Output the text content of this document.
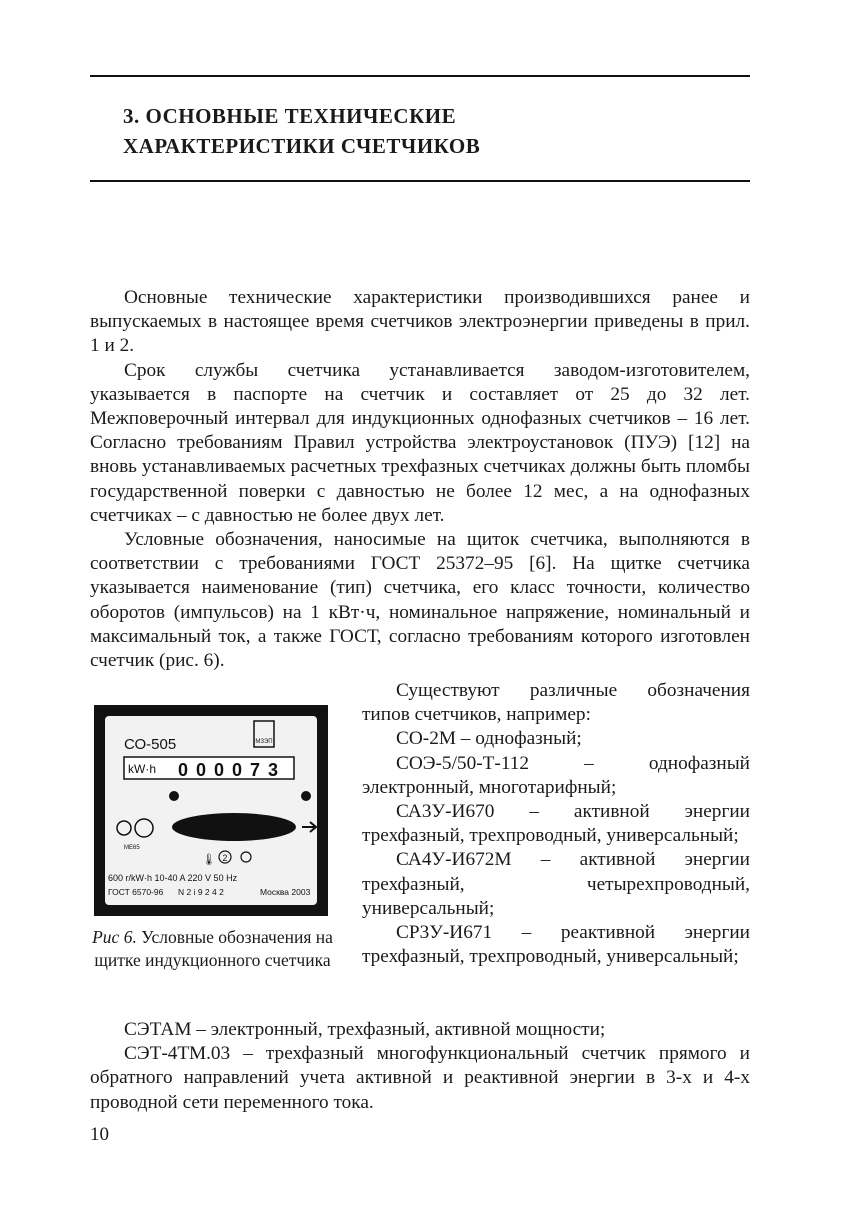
3. ОСНОВНЫЕ ТЕХНИЧЕСКИЕ
ХАРАКТЕРИСТИКИ СЧЕТЧИКОВ

Основные технические характеристики производившихся ранее и выпускаемых в настоящее время счетчиков электроэнергии приведены в прил. 1 и 2.

Срок службы счетчика устанавливается заводом-изготовителем, указывается в паспорте на счетчик и составляет от 25 до 32 лет. Межповерочный интервал для индукционных однофазных счетчиков – 16 лет. Согласно требованиям Правил устройства электроустановок (ПУЭ) [12] на вновь устанавливаемых расчетных трехфазных счетчиках должны быть пломбы государственной поверки с давностью не более 12 мес, а на однофазных счетчиках – с давностью не более двух лет.

Условные обозначения, наносимые на щиток счетчика, выполняются в соответствии с требованиями ГОСТ 25372–95 [6]. На щитке счетчика указывается наименование (тип) счетчика, его класс точности, количество оборотов (импульсов) на 1 кВт·ч, номинальное напряжение, номинальный и максимальный ток, а также ГОСТ, согласно требованиям которого изготовлен счетчик (рис. 6).

СО-505	МЗЭП
kW·h 0 0 0 0 7 3
МЕ65
🌡︎ 2
600 r/kW·h 10-40 A 220 V 50 Hz
ГОСТ 6570-96 N 2 i 9 2 4 2	Москва 2003
Рис 6. Условные обозначения на щитке индукционного счетчика

Существуют различные обозначения типов счетчиков, например:

СО-2М – однофазный;

СОЭ-5/50-Т-112 – однофазный электронный, многотарифный;

СА3У-И670 – активной энергии трехфазный, трехпроводный, универсальный;

СА4У-И672М – активной энергии трехфазный, четырехпроводный, универсальный;

СР3У-И671 – реактивной энергии трехфазный, трехпроводный, универсальный;

СЭТАМ – электронный, трехфазный, активной мощности;

СЭТ-4ТМ.03 – трехфазный многофункциональный счетчик прямого и обратного направлений учета активной и реактивной энергии в 3-х и 4-х проводной сети переменного тока.

10
